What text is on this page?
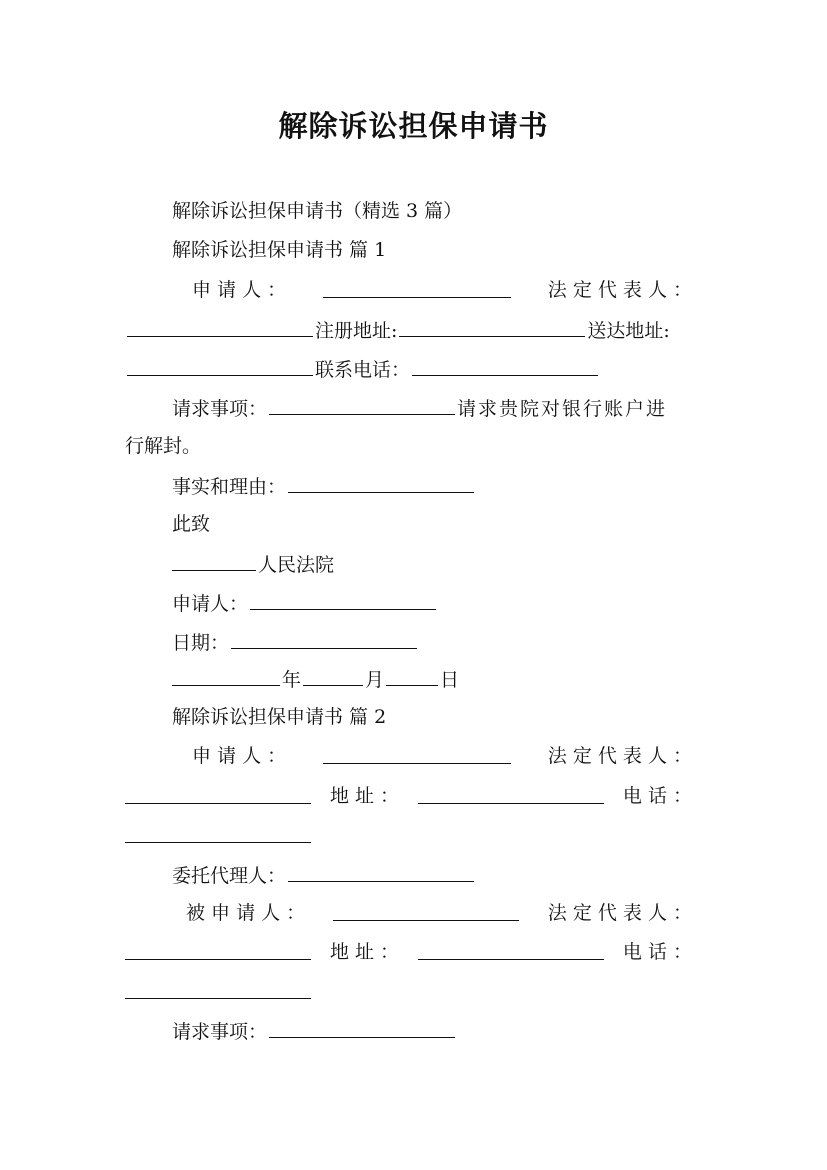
解除诉讼担保申请书
解除诉讼担保申请书（精选 3 篇）
解除诉讼担保申请书 篇 1
申 请 人 ：	法 定 代 表 人 ：
注册地址:	送达地址:
联系电话：
请求事项：	请求贵院对银行账户进
行解封。
事实和理由：
此致
人民法院
申请人：
日期：
年	月	日
解除诉讼担保申请书 篇 2
申 请 人 ：	法 定 代 表 人 ：
地 址 ：	电 话 ：
委托代理人：
被 申 请 人 ：	法 定 代 表 人 ：
地 址 ：	电 话 ：
请求事项：
